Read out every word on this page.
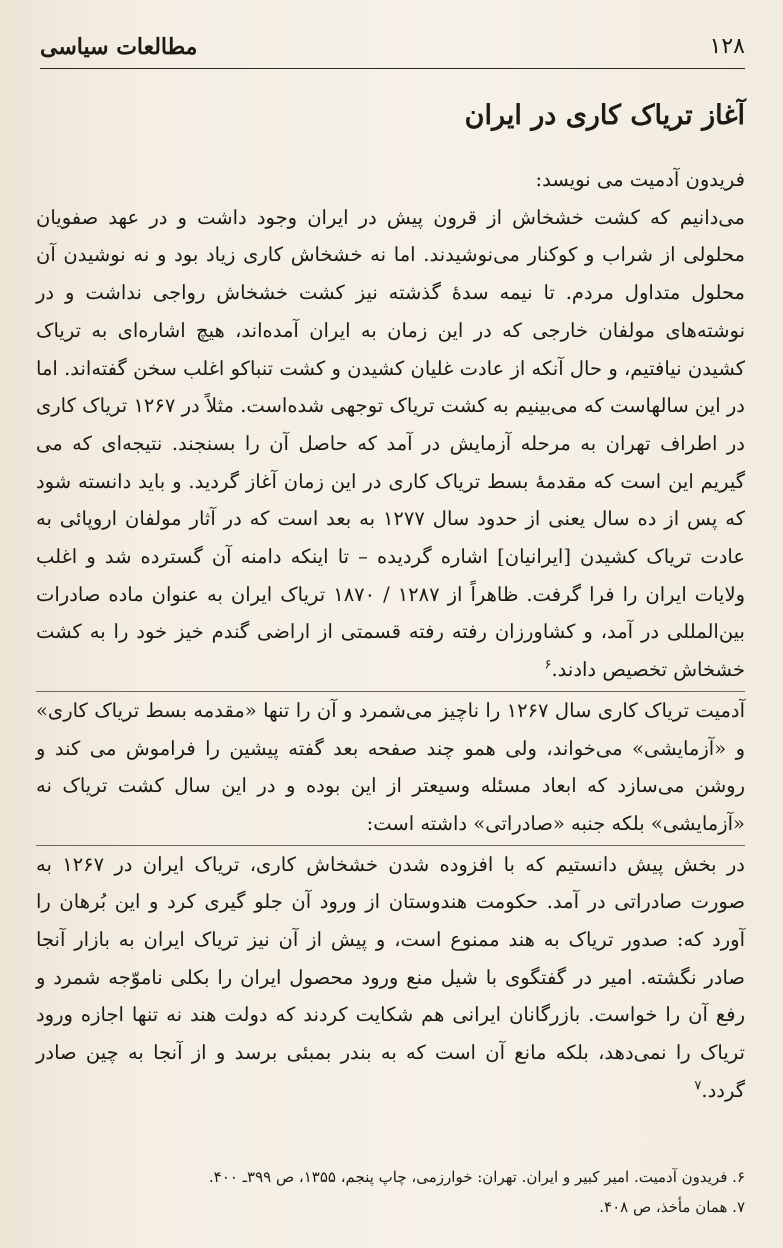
مطالعات سیاسی	۱۲۸
آغاز تریاک کاری در ایران

فریدون آدمیت می نویسد:

می‌دانیم که کشت خشخاش از قرون پیش در ایران وجود داشت و در عهد صفویان محلولی از شراب و کوکنار می‌نوشیدند. اما نه خشخاش کاری زیاد بود و نه نوشیدن آن محلول متداول مردم. تا نیمه سدهٔ گذشته نیز کشت خشخاش رواجی نداشت و در نوشته‌های مولفان خارجی که در این زمان به ایران آمده‌اند، هیچ اشاره‌ای به تریاک کشیدن نیافتیم، و حال آنکه از عادت غلیان کشیدن و کشت تنباکو اغلب سخن گفته‌اند. اما در این سالهاست که می‌بینیم به کشت تریاک توجهی شده‌است. مثلاً در ۱۲۶۷ تریاک کاری در اطراف تهران به مرحله آزمایش در آمد که حاصل آن را بسنجند. نتیجه‌ای که می گیریم این است که مقدمهٔ بسط تریاک کاری در این زمان آغاز گردید. و باید دانسته شود که پس از ده سال یعنی از حدود سال ۱۲۷۷ به بعد است که در آثار مولفان اروپائی به عادت تریاک کشیدن [ایرانیان] اشاره گردیده – تا اینکه دامنه آن گسترده شد و اغلب ولایات ایران را فرا گرفت. ظاهراً از ۱۲۸۷ / ۱۸۷۰ تریاک ایران به عنوان ماده صادرات بین‌المللی در آمد، و کشاورزان رفته رفته قسمتی از اراضی گندم خیز خود را به کشت خشخاش تخصیص دادند.$^۶$

آدمیت تریاک کاری سال ۱۲۶۷ را ناچیز می‌شمرد و آن را تنها «مقدمه بسط تریاک کاری» و «آزمایشی» می‌خواند، ولی همو چند صفحه بعد گفته پیشین را فراموش می کند و روشن می‌سازد که ابعاد مسئله وسیعتر از این بوده و در این سال کشت تریاک نه «آزمایشی» بلکه جنبه «صادراتی» داشته است:

در بخش پیش دانستیم که با افزوده شدن خشخاش کاری، تریاک ایران در ۱۲۶۷ به صورت صادراتی در آمد. حکومت هندوستان از ورود آن جلو گیری کرد و این بُرهان را آورد که: صدور تریاک به هند ممنوع است، و پیش از آن نیز تریاک ایران به بازار آنجا صادر نگشته. امیر در گفتگوی با شیل منع ورود محصول ایران را بکلی ناموّجه شمرد و رفع آن را خواست. بازرگانان ایرانی هم شکایت کردند که دولت هند نه تنها اجازه ورود تریاک را نمی‌دهد، بلکه مانع آن است که به بندر بمبئی برسد و از آنجا به چین صادر گردد.$^۷$

۶. فریدون آدمیت. امیر کبیر و ایران. تهران: خوارزمی، چاپ پنجم، ۱۳۵۵، ص ۳۹۹ـ ۴۰۰.

۷. همان مأخذ، ص ۴۰۸.
